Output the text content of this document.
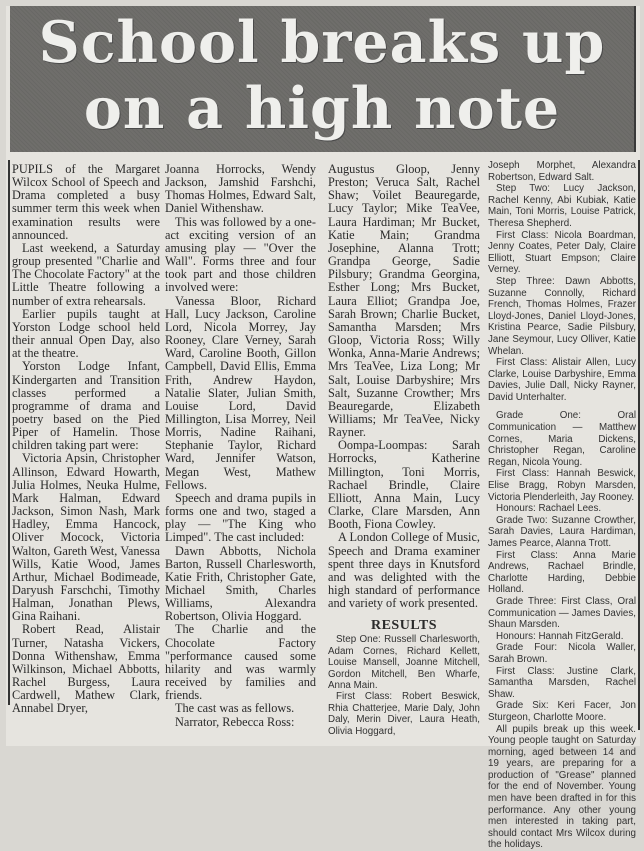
School breaks up
on a high note

PUPILS of the Margaret Wilcox School of Speech and Drama completed a busy summer term this week when examination results were announced.

Last weekend, a Saturday group presented "Charlie and The Chocolate Factory" at the Little Theatre following a number of extra rehearsals.

Earlier pupils taught at Yorston Lodge school held their annual Open Day, also at the theatre.

Yorston Lodge Infant, Kindergarten and Transition classes performed a programme of drama and poetry based on the Pied Piper of Hamelin. Those children taking part were:

Victoria Apsin, Christopher Allinson, Edward Howarth, Julia Holmes, Neuka Hulme, Mark Halman, Edward Jackson, Simon Nash, Mark Hadley, Emma Hancock, Oliver Mocock, Victoria Walton, Gareth West, Vanessa Wills, Katie Wood, James Arthur, Michael Bodimeade, Daryush Farschchi, Timothy Halman, Jonathan Plews, Gina Raihani.

Robert Read, Alistair Turner, Natasha Vickers, Donna Withenshaw, Emma Wilkinson, Michael Abbotts, Rachel Burgess, Laura Cardwell, Mathew Clark, Annabel Dryer,

Joanna Horrocks, Wendy Jackson, Jamshid Farshchi, Thomas Holmes, Edward Salt, Daniel Withenshaw.

This was followed by a one-act exciting version of an amusing play — "Over the Wall". Forms three and four took part and those children involved were:

Vanessa Bloor, Richard Hall, Lucy Jackson, Caroline Lord, Nicola Morrey, Jay Rooney, Clare Verney, Sarah Ward, Caroline Booth, Gillon Campbell, David Ellis, Emma Frith, Andrew Haydon, Natalie Slater, Julian Smith, Louise Lord, David Millington, Lisa Morrey, Neil Morris, Nadine Raihani, Stephanie Taylor, Richard Ward, Jennifer Watson, Megan West, Mathew Fellows.

Speech and drama pupils in forms one and two, staged a play — "The King who Limped". The cast included:

Dawn Abbotts, Nichola Barton, Russell Charlesworth, Katie Frith, Christopher Gate, Michael Smith, Charles Williams, Alexandra Robertson, Olivia Hoggard.

The Charlie and the Chocolate Factory "performance caused some hilarity and was warmly received by families and friends.

The cast was as fellows.

Narrator, Rebecca Ross:

Augustus Gloop, Jenny Preston; Veruca Salt, Rachel Shaw; Voilet Beauregarde, Lucy Taylor; Mike TeaVee, Laura Hardiman; Mr Bucket, Katie Main; Grandma Josephine, Alanna Trott; Grandpa George, Sadie Pilsbury; Grandma Georgina, Esther Long; Mrs Bucket, Laura Elliot; Grandpa Joe, Sarah Brown; Charlie Bucket, Samantha Marsden; Mrs Gloop, Victoria Ross; Willy Wonka, Anna-Marie Andrews; Mrs TeaVee, Liza Long; Mr Salt, Louise Darbyshire; Mrs Salt, Suzanne Crowther; Mrs Beauregarde, Elizabeth Williams; Mr TeaVee, Nicky Rayner.

Oompa-Loompas: Sarah Horrocks, Katherine Millington, Toni Morris, Rachael Brindle, Claire Elliott, Anna Main, Lucy Clarke, Clare Marsden, Ann Booth, Fiona Cowley.

A London College of Music, Speech and Drama examiner spent three days in Knutsford and was delighted with the high standard of performance and variety of work presented.

RESULTS

Step One: Russell Charlesworth, Adam Cornes, Richard Kellett, Louise Mansell, Joanne Mitchell, Gordon Mitchell, Ben Wharfe, Anna Main.

First Class: Robert Beswick, Rhia Chatterjee, Marie Daly, John Daly, Merin Diver, Laura Heath, Olivia Hoggard,

Joseph Morphet, Alexandra Robertson, Edward Salt.

Step Two: Lucy Jackson, Rachel Kenny, Abi Kubiak, Katie Main, Toni Morris, Louise Patrick, Theresa Shepherd.

First Class: Nicola Boardman, Jenny Coates, Peter Daly, Claire Elliott, Stuart Empson; Claire Verney.

Step Three: Dawn Abbotts, Suzanne Connolly, Richard French, Thomas Holmes, Frazer Lloyd-Jones, Daniel Lloyd-Jones, Kristina Pearce, Sadie Pilsbury, Jane Seymour, Lucy Olliver, Katie Whelan.

First Class: Alistair Allen, Lucy Clarke, Louise Darbyshire, Emma Davies, Julie Dall, Nicky Rayner, David Unterhalter.

Grade One: Oral Communication — Matthew Cornes, Maria Dickens, Christopher Regan, Caroline Regan, Nicola Young.

First Class: Hannah Beswick, Elise Bragg, Robyn Marsden, Victoria Plenderleith, Jay Rooney.

Honours: Rachael Lees.

Grade Two: Suzanne Crowther, Sarah Davies, Laura Hardiman, James Pearce, Alanna Trott.

First Class: Anna Marie Andrews, Rachael Brindle, Charlotte Harding, Debbie Holland.

Grade Three: First Class, Oral Communication — James Davies, Shaun Marsden.

Honours: Hannah FitzGerald.

Grade Four: Nicola Waller, Sarah Brown.

First Class: Justine Clark, Samantha Marsden, Rachel Shaw.

Grade Six: Keri Facer, Jon Sturgeon, Charlotte Moore.

All pupils break up this week. Young people taught on Saturday morning, aged between 14 and 19 years, are preparing for a production of "Grease" planned for the end of November. Young men have been drafted in for this performance. Any other young men interested in taking part, should contact Mrs Wilcox during the holidays.
